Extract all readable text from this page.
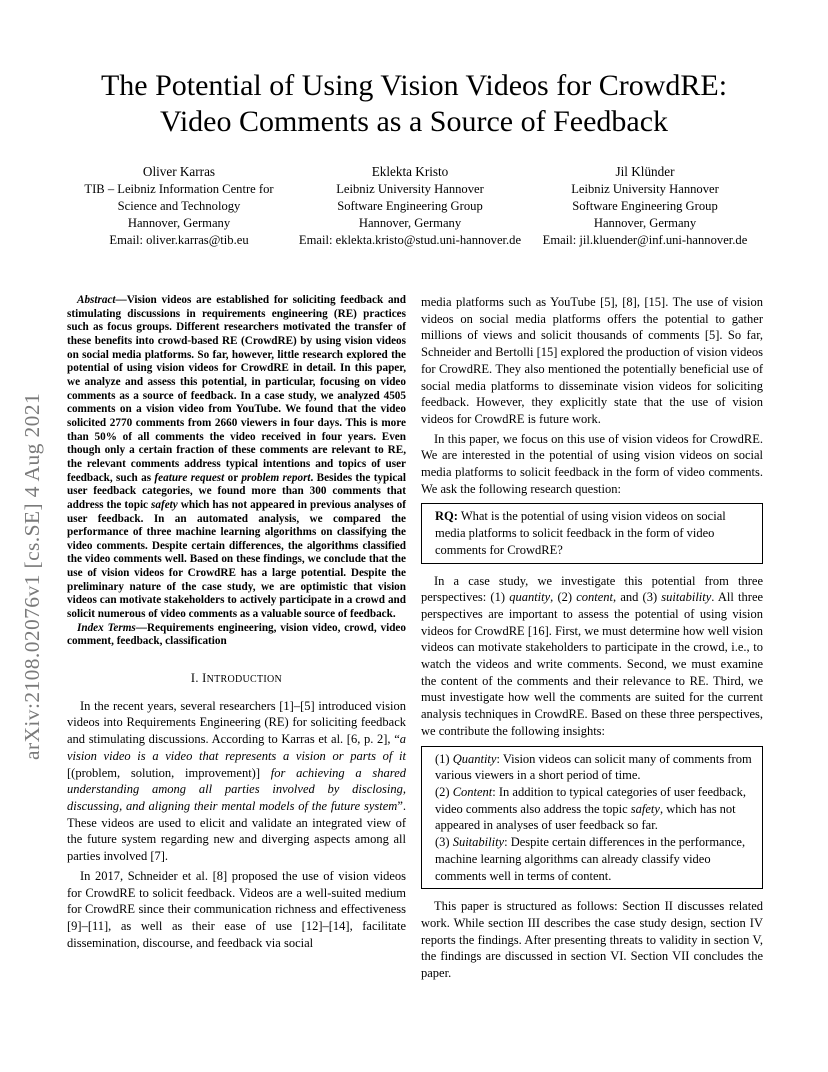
The Potential of Using Vision Videos for CrowdRE:
Video Comments as a Source of Feedback
Oliver Karras
TIB – Leibniz Information Centre for
Science and Technology
Hannover, Germany
Email: oliver.karras@tib.eu
Eklekta Kristo
Leibniz University Hannover
Software Engineering Group
Hannover, Germany
Email: eklekta.kristo@stud.uni-hannover.de
Jil Klünder
Leibniz University Hannover
Software Engineering Group
Hannover, Germany
Email: jil.kluender@inf.uni-hannover.de
arXiv:2108.02076v1 [cs.SE] 4 Aug 2021

Abstract—Vision videos are established for soliciting feedback and stimulating discussions in requirements engineering (RE) practices such as focus groups. Different researchers motivated the transfer of these benefits into crowd-based RE (CrowdRE) by using vision videos on social media platforms. So far, however, little research explored the potential of using vision videos for CrowdRE in detail. In this paper, we analyze and assess this potential, in particular, focusing on video comments as a source of feedback. In a case study, we analyzed 4505 comments on a vision video from YouTube. We found that the video solicited 2770 comments from 2660 viewers in four days. This is more than 50% of all comments the video received in four years. Even though only a certain fraction of these comments are relevant to RE, the relevant comments address typical intentions and topics of user feedback, such as feature request or problem report. Besides the typical user feedback categories, we found more than 300 comments that address the topic safety which has not appeared in previous analyses of user feedback. In an automated analysis, we compared the performance of three machine learning algorithms on classifying the video comments. Despite certain differences, the algorithms classified the video comments well. Based on these findings, we conclude that the use of vision videos for CrowdRE has a large potential. Despite the preliminary nature of the case study, we are optimistic that vision videos can motivate stakeholders to actively participate in a crowd and solicit numerous of video comments as a valuable source of feedback.

Index Terms—Requirements engineering, vision video, crowd, video comment, feedback, classification

I. INTRODUCTION

In the recent years, several researchers [1]–[5] introduced vision videos into Requirements Engineering (RE) for soliciting feedback and stimulating discussions. According to Karras et al. [6, p. 2], “a vision video is a video that represents a vision or parts of it [(problem, solution, improvement)] for achieving a shared understanding among all parties involved by disclosing, discussing, and aligning their mental models of the future system”. These videos are used to elicit and validate an integrated view of the future system regarding new and diverging aspects among all parties involved [7].

In 2017, Schneider et al. [8] proposed the use of vision videos for CrowdRE to solicit feedback. Videos are a well-suited medium for CrowdRE since their communication richness and effectiveness [9]–[11], as well as their ease of use [12]–[14], facilitate dissemination, discourse, and feedback via social

media platforms such as YouTube [5], [8], [15]. The use of vision videos on social media platforms offers the potential to gather millions of views and solicit thousands of comments [5]. So far, Schneider and Bertolli [15] explored the production of vision videos for CrowdRE. They also mentioned the potentially beneficial use of social media platforms to disseminate vision videos for soliciting feedback. However, they explicitly state that the use of vision videos for CrowdRE is future work.

In this paper, we focus on this use of vision videos for CrowdRE. We are interested in the potential of using vision videos on social media platforms to solicit feedback in the form of video comments. We ask the following research question:

RQ: What is the potential of using vision videos on social media platforms to solicit feedback in the form of video comments for CrowdRE?

In a case study, we investigate this potential from three perspectives: (1) quantity, (2) content, and (3) suitability. All three perspectives are important to assess the potential of using vision videos for CrowdRE [16]. First, we must determine how well vision videos can motivate stakeholders to participate in the crowd, i.e., to watch the videos and write comments. Second, we must examine the content of the comments and their relevance to RE. Third, we must investigate how well the comments are suited for the current analysis techniques in CrowdRE. Based on these three perspectives, we contribute the following insights:

(1) Quantity: Vision videos can solicit many of comments from various viewers in a short period of time.

(2) Content: In addition to typical categories of user feedback, video comments also address the topic safety, which has not appeared in analyses of user feedback so far.

(3) Suitability: Despite certain differences in the performance, machine learning algorithms can already classify video comments well in terms of content.

This paper is structured as follows: Section II discusses related work. While section III describes the case study design, section IV reports the findings. After presenting threats to validity in section V, the findings are discussed in section VI. Section VII concludes the paper.
